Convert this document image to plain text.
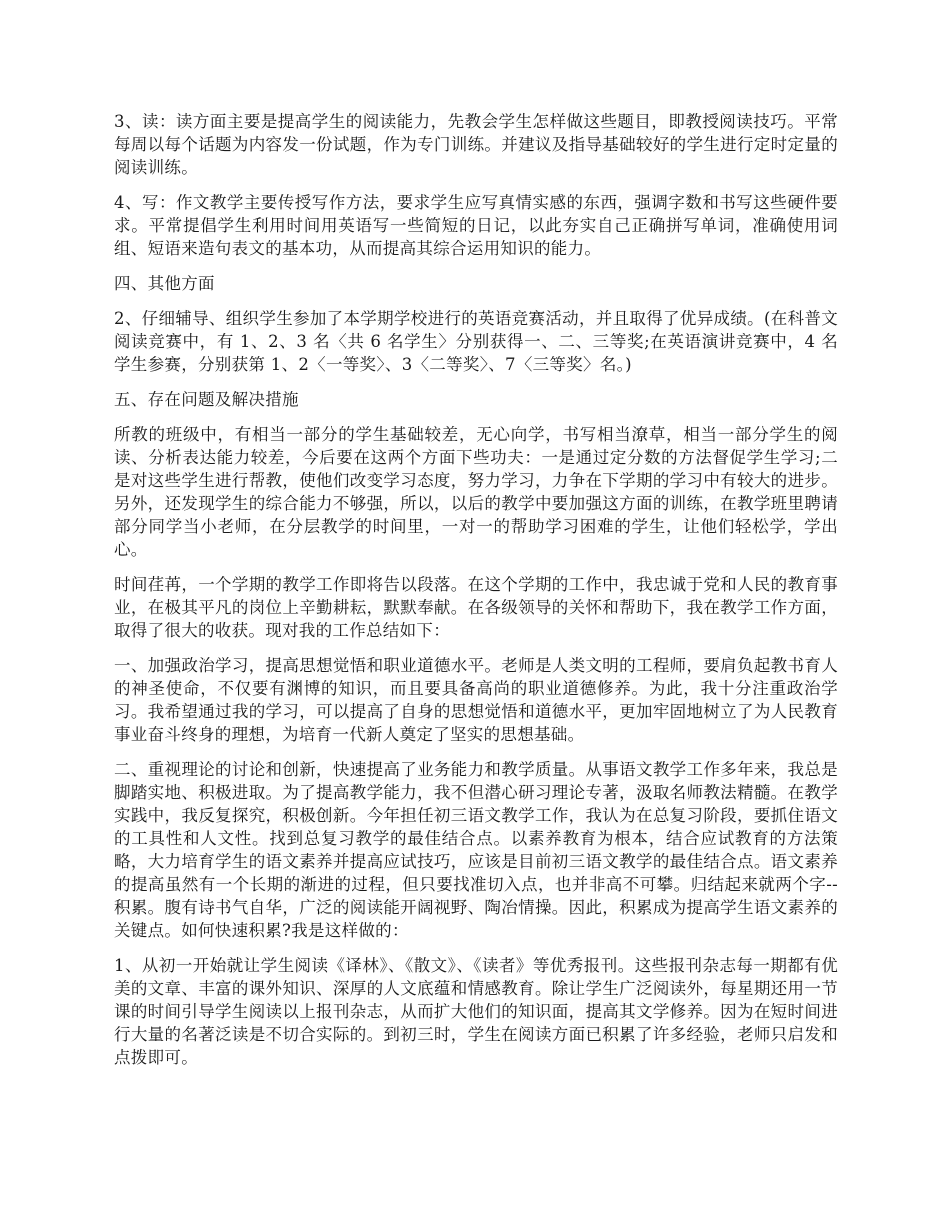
3、读：读方面主要是提高学生的阅读能力，先教会学生怎样做这些题目，即教授阅读技巧。平常每周以每个话题为内容发一份试题，作为专门训练。并建议及指导基础较好的学生进行定时定量的阅读训练。

4、写：作文教学主要传授写作方法，要求学生应写真情实感的东西，强调字数和书写这些硬件要求。平常提倡学生利用时间用英语写一些简短的日记，以此夯实自己正确拼写单词，准确使用词组、短语来造句表文的基本功，从而提高其综合运用知识的能力。

四、其他方面

2、仔细辅导、组织学生参加了本学期学校进行的英语竞赛活动，并且取得了优异成绩。(在科普文阅读竞赛中，有 1、2、3 名〈共 6 名学生〉分别获得一、二、三等奖;在英语演讲竞赛中，4 名学生参赛，分别获第 1、2〈一等奖〉、3〈二等奖〉、7〈三等奖〉名。)

五、存在问题及解决措施

所教的班级中，有相当一部分的学生基础较差，无心向学，书写相当潦草，相当一部分学生的阅读、分析表达能力较差，今后要在这两个方面下些功夫：一是通过定分数的方法督促学生学习;二是对这些学生进行帮教，使他们改变学习态度，努力学习，力争在下学期的学习中有较大的进步。另外，还发现学生的综合能力不够强，所以，以后的教学中要加强这方面的训练，在教学班里聘请部分同学当小老师，在分层教学的时间里，一对一的帮助学习困难的学生，让他们轻松学，学出心。

时间荏苒，一个学期的教学工作即将告以段落。在这个学期的工作中，我忠诚于党和人民的教育事业，在极其平凡的岗位上辛勤耕耘，默默奉献。在各级领导的关怀和帮助下，我在教学工作方面，取得了很大的收获。现对我的工作总结如下：

一、加强政治学习，提高思想觉悟和职业道德水平。老师是人类文明的工程师，要肩负起教书育人的神圣使命，不仅要有渊博的知识，而且要具备高尚的职业道德修养。为此，我十分注重政治学习。我希望通过我的学习，可以提高了自身的思想觉悟和道德水平，更加牢固地树立了为人民教育事业奋斗终身的理想，为培育一代新人奠定了坚实的思想基础。

二、重视理论的讨论和创新，快速提高了业务能力和教学质量。从事语文教学工作多年来，我总是脚踏实地、积极进取。为了提高教学能力，我不但潜心研习理论专著，汲取名师教法精髓。在教学实践中，我反复探究，积极创新。今年担任初三语文教学工作，我认为在总复习阶段，要抓住语文的工具性和人文性。找到总复习教学的最佳结合点。以素养教育为根本，结合应试教育的方法策略，大力培育学生的语文素养并提高应试技巧，应该是目前初三语文教学的最佳结合点。语文素养的提高虽然有一个长期的渐进的过程，但只要找准切入点，也并非高不可攀。归结起来就两个字--积累。腹有诗书气自华，广泛的阅读能开阔视野、陶冶情操。因此，积累成为提高学生语文素养的关键点。如何快速积累?我是这样做的：

1、从初一开始就让学生阅读《译林》、《散文》、《读者》等优秀报刊。这些报刊杂志每一期都有优美的文章、丰富的课外知识、深厚的人文底蕴和情感教育。除让学生广泛阅读外，每星期还用一节课的时间引导学生阅读以上报刊杂志，从而扩大他们的知识面，提高其文学修养。因为在短时间进行大量的名著泛读是不切合实际的。到初三时，学生在阅读方面已积累了许多经验，老师只启发和点拨即可。
